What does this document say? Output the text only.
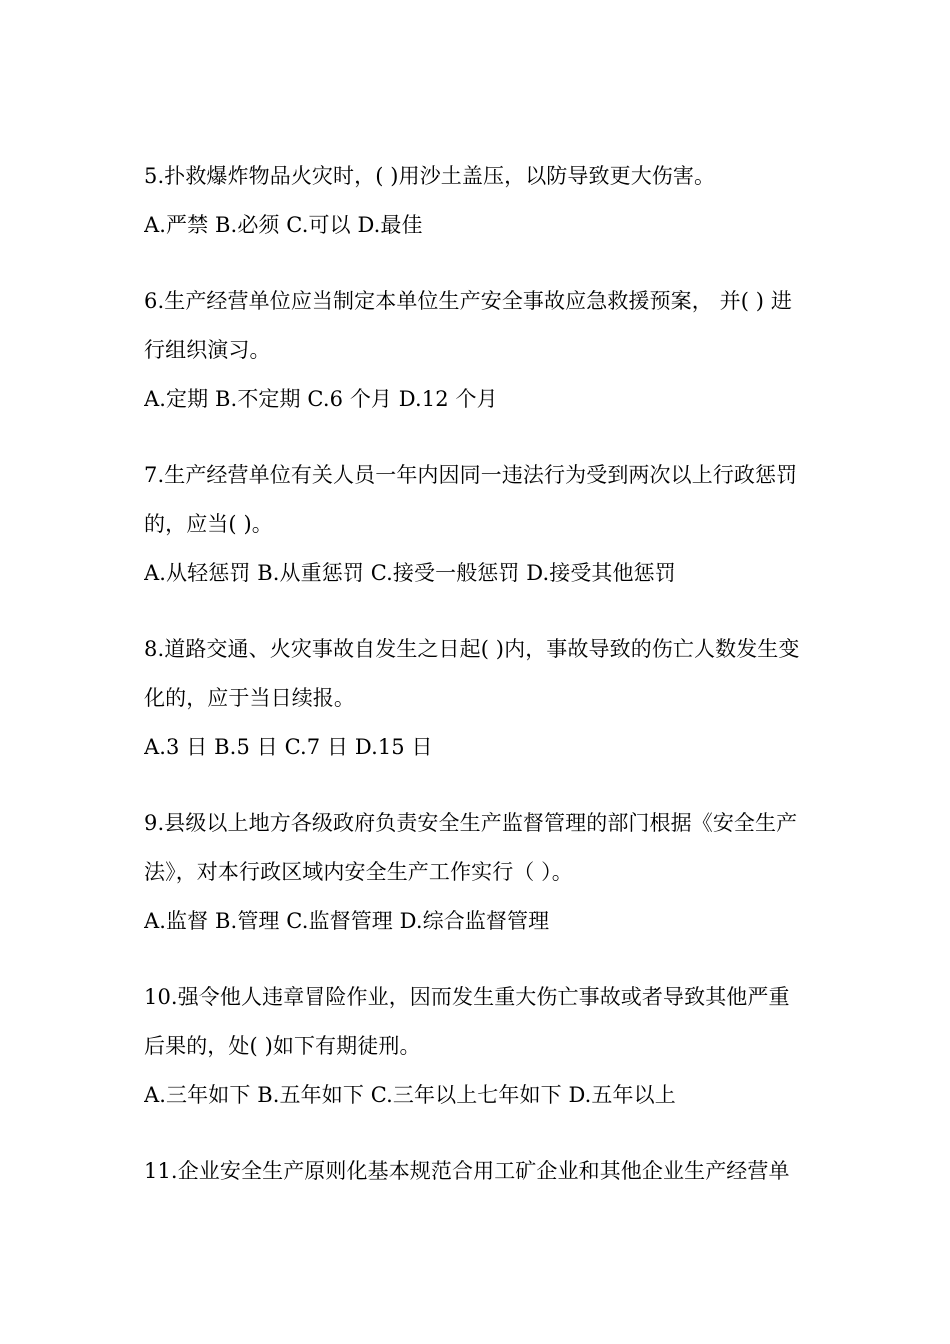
5.扑救爆炸物品火灾时，( )用沙土盖压，以防导致更大伤害。
A.严禁 B.必须 C.可以 D.最佳
6.生产经营单位应当制定本单位生产安全事故应急救援预案， 并( ) 进
行组织演习。
A.定期 B.不定期 C.6 个月 D.12 个月
7.生产经营单位有关人员一年内因同一违法行为受到两次以上行政惩罚
的，应当( )。
A.从轻惩罚 B.从重惩罚 C.接受一般惩罚 D.接受其他惩罚
8.道路交通、火灾事故自发生之日起( )内，事故导致的伤亡人数发生变
化的，应于当日续报。
A.3 日 B.5 日 C.7 日 D.15 日
9.县级以上地方各级政府负责安全生产监督管理的部门根据《安全生产
法》，对本行政区域内安全生产工作实行（ ）。
A.监督 B.管理 C.监督管理 D.综合监督管理
10.强令他人违章冒险作业，因而发生重大伤亡事故或者导致其他严重
后果的，处( )如下有期徒刑。
A.三年如下 B.五年如下 C.三年以上七年如下 D.五年以上
11.企业安全生产原则化基本规范合用工矿企业和其他企业生产经营单
